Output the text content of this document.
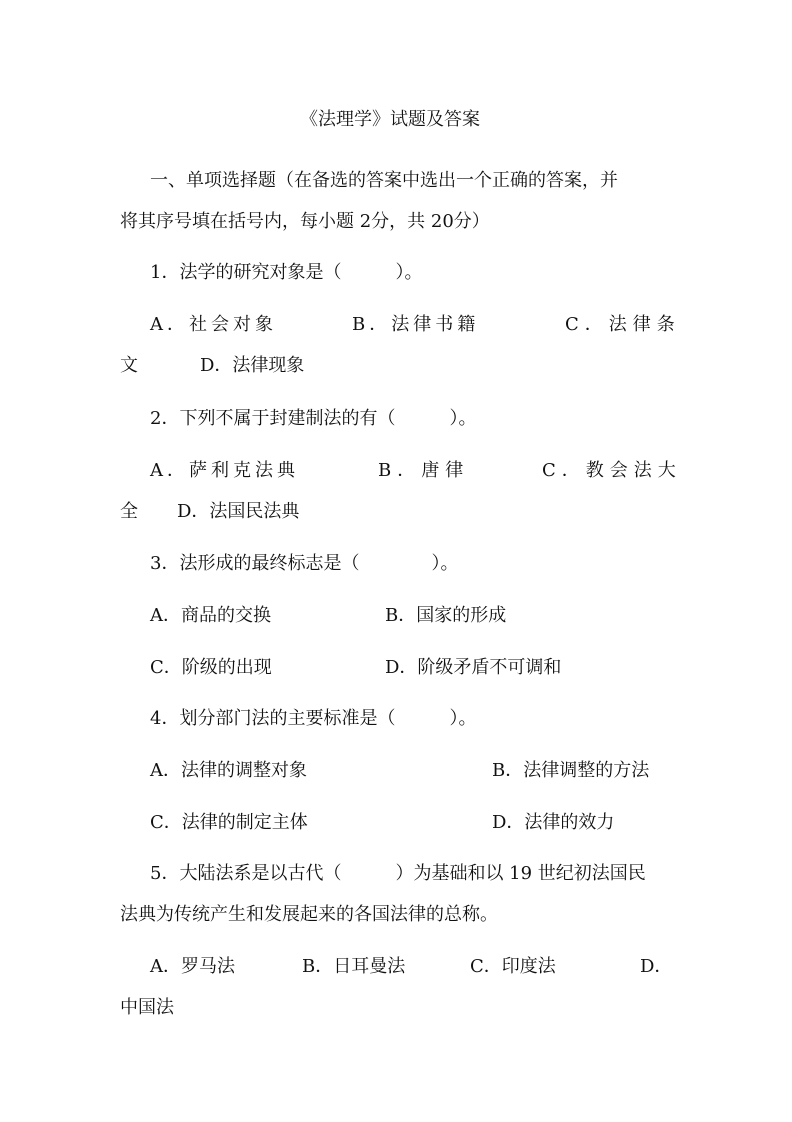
《法理学》试题及答案
一、单项选择题（在备选的答案中选出一个正确的答案，并
将其序号填在括号内，每小题 2分，共 20分）
1．法学的研究对象是（　　　）。
A．社会对象	B．法律书籍	C．法律条
文	D．法律现象
2．下列不属于封建制法的有（　　　）。
A．萨利克法典	B．唐律	C．教会法大
全 D．法国民法典
3．法形成的最终标志是（　　　　）。
A．商品的交换	B．国家的形成
C．阶级的出现	D．阶级矛盾不可调和
4．划分部门法的主要标准是（　　　）。
A．法律的调整对象	B．法律调整的方法
C．法律的制定主体	D．法律的效力
5．大陆法系是以古代（　　　）为基础和以 19 世纪初法国民
法典为传统产生和发展起来的各国法律的总称。
A．罗马法	B．日耳曼法	C．印度法	D．
中国法
